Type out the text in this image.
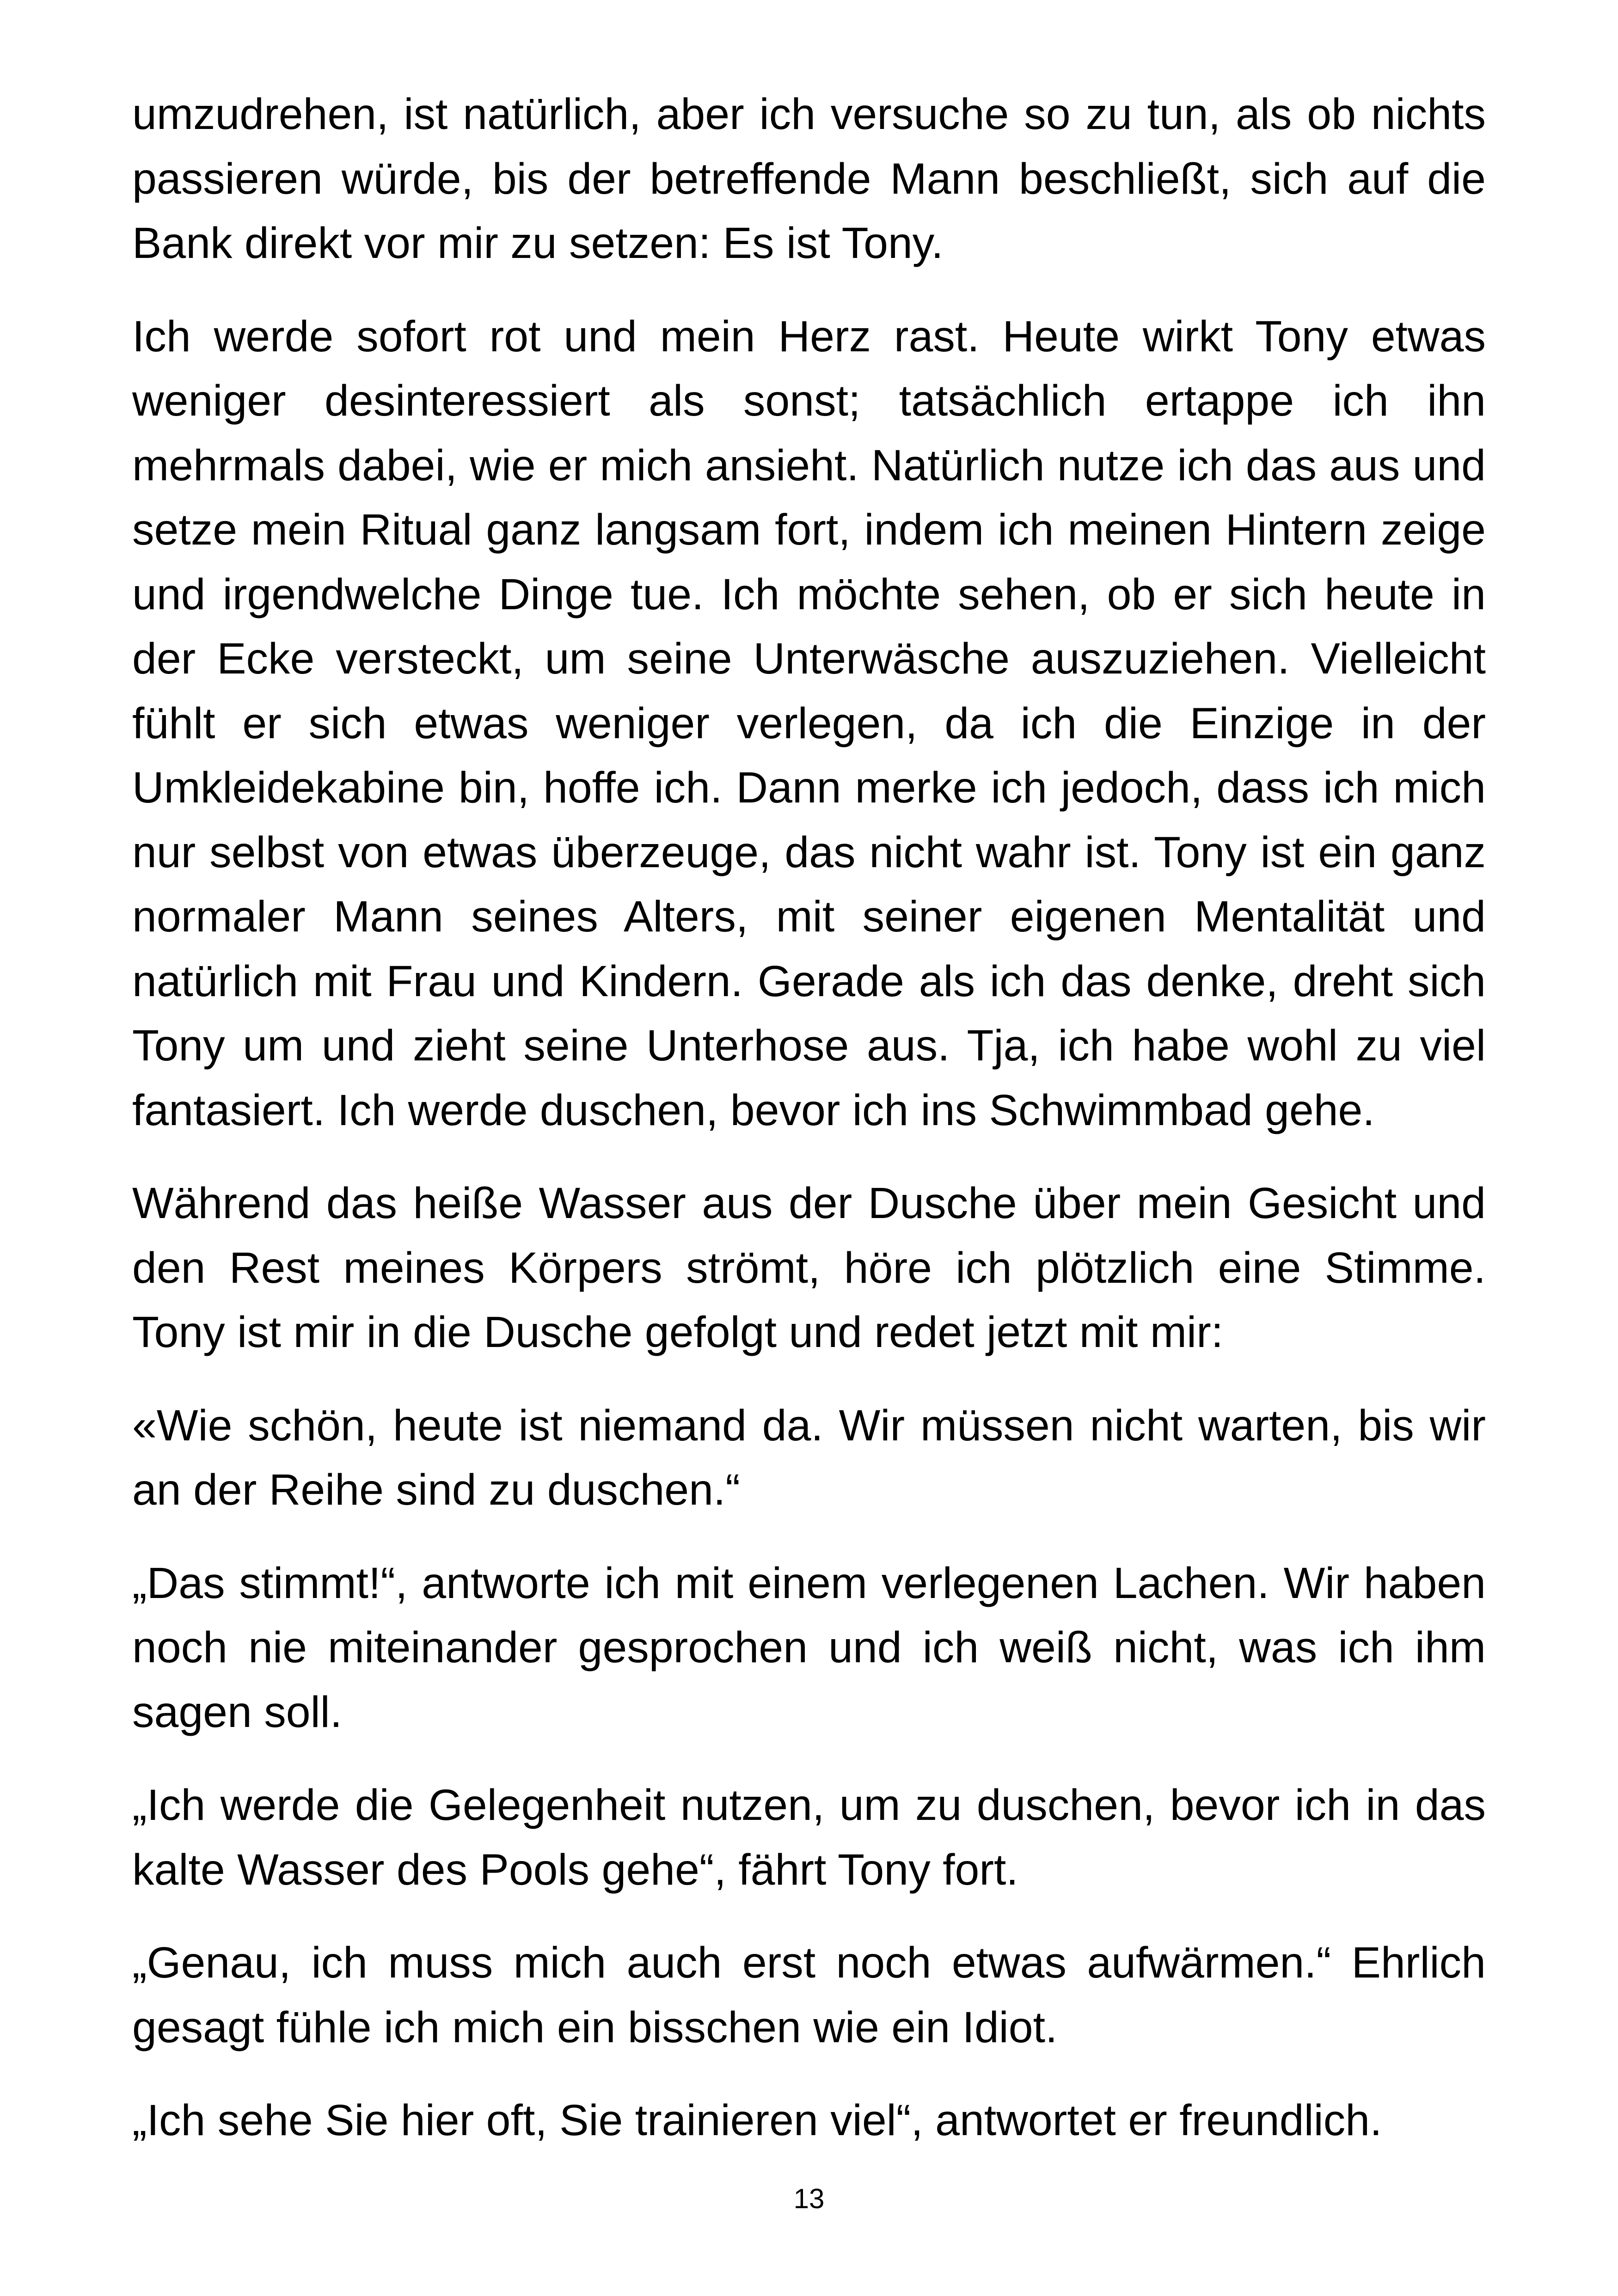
umzudrehen, ist natürlich, aber ich versuche so zu tun, als ob nichts passieren würde, bis der betreffende Mann beschließt, sich auf die Bank direkt vor mir zu setzen: Es ist Tony.

Ich werde sofort rot und mein Herz rast. Heute wirkt Tony etwas weniger desinteressiert als sonst; tatsächlich ertappe ich ihn mehrmals dabei, wie er mich ansieht. Natürlich nutze ich das aus und setze mein Ritual ganz langsam fort, indem ich meinen Hintern zeige und irgendwelche Dinge tue. Ich möchte sehen, ob er sich heute in der Ecke versteckt, um seine Unterwäsche auszuziehen. Vielleicht fühlt er sich etwas weniger verlegen, da ich die Einzige in der Umkleidekabine bin, hoffe ich. Dann merke ich jedoch, dass ich mich nur selbst von etwas überzeuge, das nicht wahr ist. Tony ist ein ganz normaler Mann seines Alters, mit seiner eigenen Mentalität und natürlich mit Frau und Kindern. Gerade als ich das denke, dreht sich Tony um und zieht seine Unterhose aus. Tja, ich habe wohl zu viel fantasiert. Ich werde duschen, bevor ich ins Schwimmbad gehe.

Während das heiße Wasser aus der Dusche über mein Gesicht und den Rest meines Körpers strömt, höre ich plötzlich eine Stimme. Tony ist mir in die Dusche gefolgt und redet jetzt mit mir:

«Wie schön, heute ist niemand da. Wir müssen nicht warten, bis wir an der Reihe sind zu duschen.“

„Das stimmt!“, antworte ich mit einem verlegenen Lachen. Wir haben noch nie miteinander gesprochen und ich weiß nicht, was ich ihm sagen soll.

„Ich werde die Gelegenheit nutzen, um zu duschen, bevor ich in das kalte Wasser des Pools gehe“, fährt Tony fort.

„Genau, ich muss mich auch erst noch etwas aufwärmen.“ Ehrlich gesagt fühle ich mich ein bisschen wie ein Idiot.

„Ich sehe Sie hier oft, Sie trainieren viel“, antwortet er freundlich.

13
